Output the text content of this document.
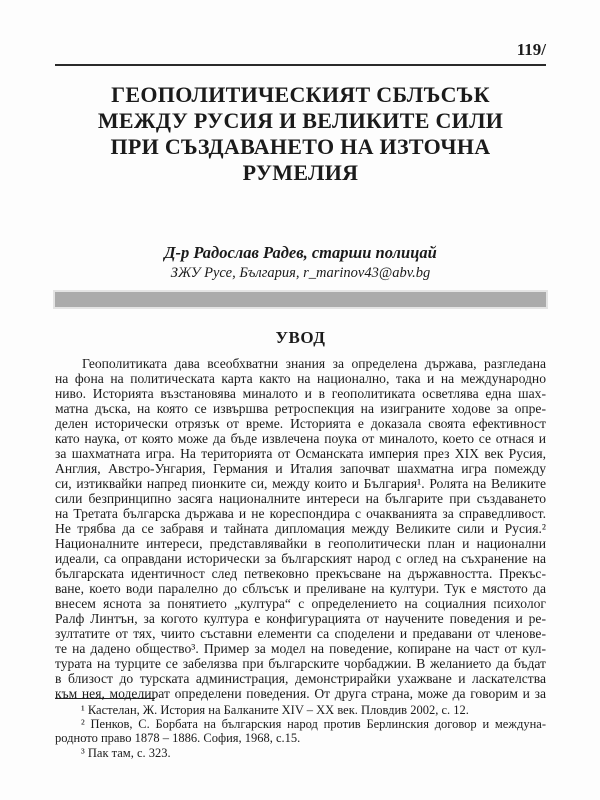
119/
ГЕОПОЛИТИЧЕСКИЯТ СБЛЪСЪК
МЕЖДУ РУСИЯ И ВЕЛИКИТЕ СИЛИ
ПРИ СЪЗДАВАНЕТО НА ИЗТОЧНА
РУМЕЛИЯ
Д-р Радослав Радев, старши полицай
ЗЖУ Русе, България, r_marinov43@abv.bg
УВОД
Геополитиката дава всеобхватни знания за определена държава, разгледана
на фона на политическата карта както на национално, така и на международно
ниво. Историята възстановява миналото и в геополитиката осветлява една шах-
матна дъска, на която се извършва ретроспекция на изиграните ходове за опре-
делен исторически отрязък от време. Историята е доказала своята ефективност
като наука, от която може да бъде извлечена поука от миналото, което се отнася и
за шахматната игра. На територията от Османската империя през XIX век Русия,
Англия, Австро-Унгария, Германия и Италия започват шахматна игра помежду
си, изтиквайки напред пионките си, между които и България¹. Ролята на Великите
сили безпринципно засяга националните интереси на българите при създаването
на Третата българска държава и не кореспондира с очакванията за справедливост.
Не трябва да се забравя и тайната дипломация между Великите сили и Русия.²
Националните интереси, представлявайки в геополитически план и национални
идеали, са оправдани исторически за българският народ с оглед на съхранение на
българската идентичност след петвековно прекъсване на държавността. Прекъс-
ване, което води паралелно до сблъсък и преливане на култури. Тук е мястото да
внесем яснота за понятието „култура“ с определението на социалния психолог
Ралф Линтън, за когото култура е конфигурацията от научените поведения и ре-
зултатите от тях, чиито съставни елементи са споделени и предавани от членове-
те на дадено общество³. Пример за модел на поведение, копиране на част от кул-
турата на турците се забелязва при българските чорбаджии. В желанието да бъдат
в близост до турската администрация, демонстрирайки ухажване и ласкателства
към нея, моделират определени поведения. От друга страна, може да говорим и за
¹ Кастелан, Ж. История на Балканите XIV – XX век. Пловдив 2002, с. 12.
² Пенков, С. Борбата на българския народ против Берлинския договор и междуна-
родното право 1878 – 1886. София, 1968, с.15.
³ Пак там, с. 323.
